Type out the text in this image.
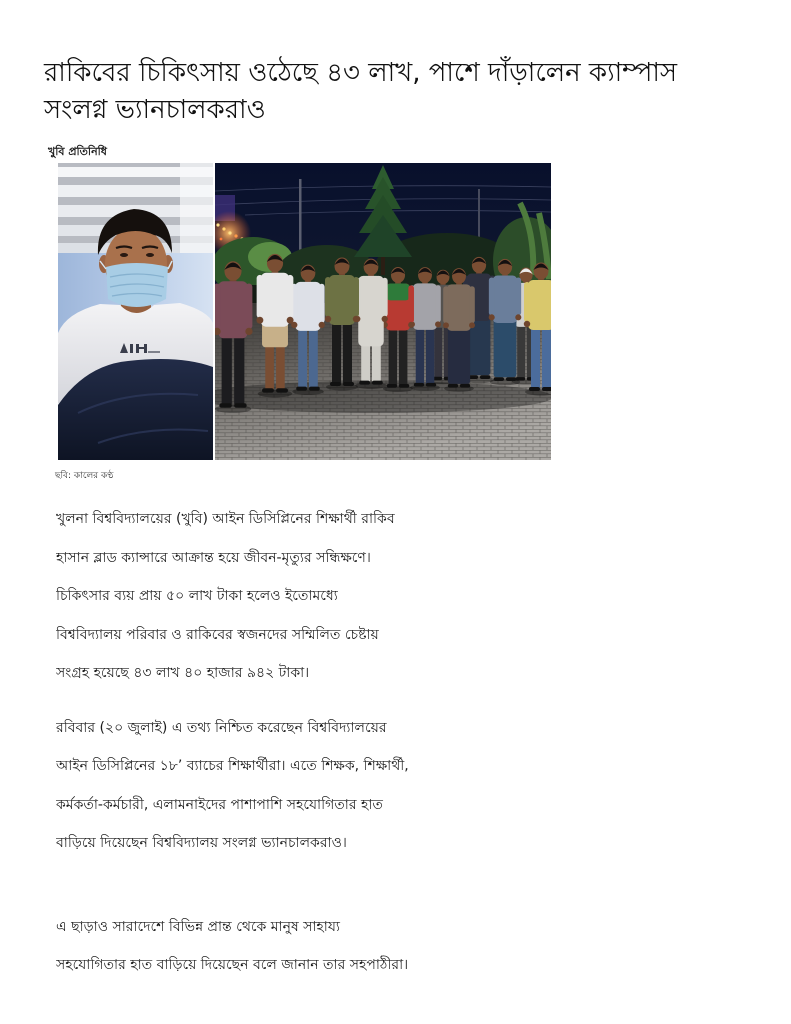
রাকিবের চিকিৎসায় ওঠেছে ৪৩ লাখ, পাশে দাঁড়ালেন ক্যাম্পাস সংলগ্ন ভ্যানচালকরাও
খুবি প্রতিনিধি
ছবি: কালের কণ্ঠ
খুলনা বিশ্ববিদ্যালয়ের (খুবি) আইন ডিসিপ্লিনের শিক্ষার্থী রাকিব
হাসান ব্লাড ক্যান্সারে আক্রান্ত হয়ে জীবন-মৃত্যুর সন্ধিক্ষণে।
চিকিৎসার ব্যয় প্রায় ৫০ লাখ টাকা হলেও ইতোমধ্যে
বিশ্ববিদ্যালয় পরিবার ও রাকিবের স্বজনদের সম্মিলিত চেষ্টায়
সংগ্রহ হয়েছে ৪৩ লাখ ৪০ হাজার ৯৪২ টাকা।
রবিবার (২০ জুলাই) এ তথ্য নিশ্চিত করেছেন বিশ্ববিদ্যালয়ের
আইন ডিসিপ্লিনের ১৮’ ব্যাচের শিক্ষার্থীরা। এতে শিক্ষক, শিক্ষার্থী,
কর্মকর্তা-কর্মচারী, এলামনাইদের পাশাপাশি সহযোগিতার হাত
বাড়িয়ে দিয়েছেন বিশ্ববিদ্যালয় সংলগ্ন ভ্যানচালকরাও।
এ ছাড়াও সারাদেশে বিভিন্ন প্রান্ত থেকে মানুষ সাহায্য
সহযোগিতার হাত বাড়িয়ে দিয়েছেন বলে জানান তার সহপাঠীরা।
